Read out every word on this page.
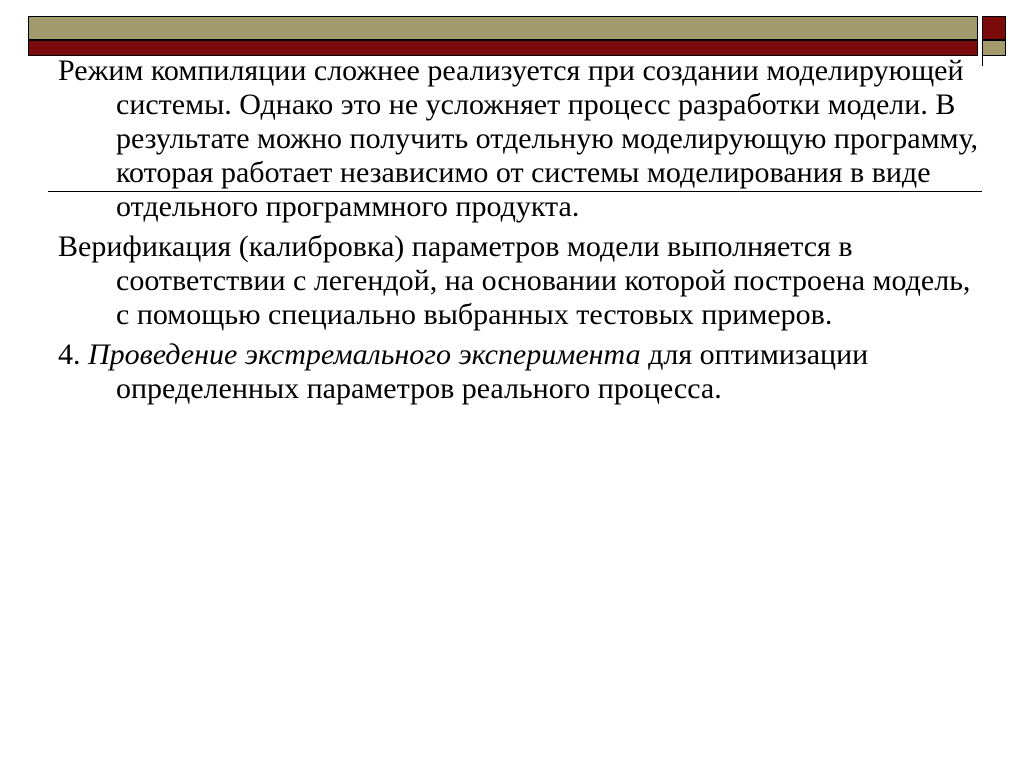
Режим компиляции сложнее реализуется при создании моделирующей системы. Однако это не усложняет процесс разработки модели. В результате можно получить отдельную моделирующую программу, которая работает независимо от системы моделирования в виде отдельного программного продукта.

Верификация (калибровка) параметров модели выполняется в соответствии с легендой, на основании которой построена модель, с помощью специально выбранных тестовых примеров.

4. Проведение экстремального эксперимента для оптимизации определенных параметров реального процесса.
